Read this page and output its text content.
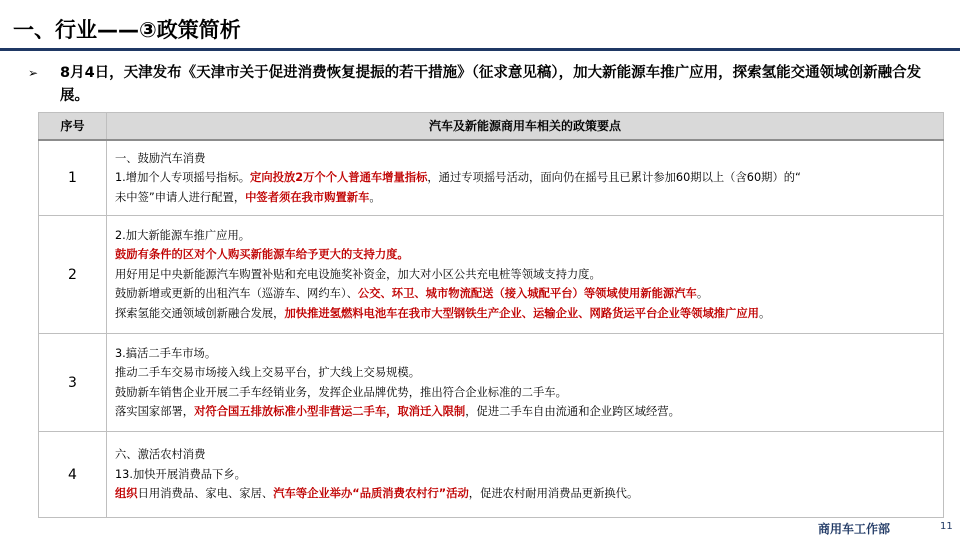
一、行业——③政策简析
➢	8月4日，天津发布《天津市关于促进消费恢复提振的若干措施》（征求意见稿），加大新能源车推广应用，探索氢能交通领域创新融合发展。
序号	汽车及新能源商用车相关的政策要点
1	一、鼓励汽车消费
1.增加个人专项摇号指标。定向投放2万个个人普通车增量指标，通过专项摇号活动，面向仍在摇号且已累计参加60期以上（含60期）的“
未中签”申请人进行配置，中签者须在我市购置新车。

2	2.加大新能源车推广应用。
鼓励有条件的区对个人购买新能源车给予更大的支持力度。
用好用足中央新能源汽车购置补贴和充电设施奖补资金，加大对小区公共充电桩等领域支持力度。
鼓励新增或更新的出租汽车（巡游车、网约车）、公交、环卫、城市物流配送（接入城配平台）等领域使用新能源汽车。
探索氢能交通领域创新融合发展，加快推进氢燃料电池车在我市大型钢铁生产企业、运输企业、网路货运平台企业等领域推广应用。

3	3.搞活二手车市场。
推动二手车交易市场接入线上交易平台，扩大线上交易规模。
鼓励新车销售企业开展二手车经销业务，发挥企业品牌优势，推出符合企业标准的二手车。
落实国家部署，对符合国五排放标准小型非营运二手车，取消迁入限制，促进二手车自由流通和企业跨区域经营。

4	六、激活农村消费
13.加快开展消费品下乡。
组织日用消费品、家电、家居、汽车等企业举办“品质消费农村行”活动，促进农村耐用消费品更新换代。
商用车工作部	11
